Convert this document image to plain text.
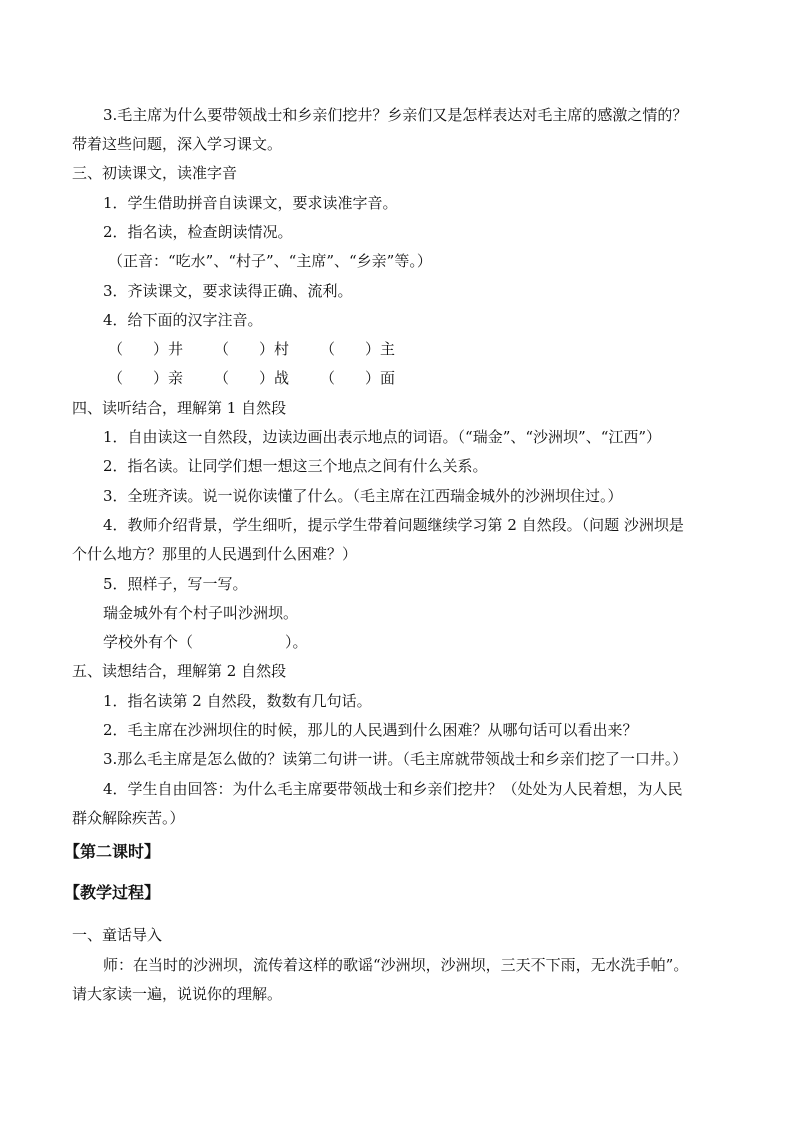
3.毛主席为什么要带领战士和乡亲们挖井？乡亲们又是怎样表达对毛主席的感激之情的？
带着这些问题，深入学习课文。
三、初读课文，读准字音
1．学生借助拼音自读课文，要求读准字音。
2．指名读，检查朗读情况。
（正音：“吃水”、“村子”、“主席”、“乡亲”等。）
3．齐读课文，要求读得正确、流利。
4．给下面的汉字注音。
（　　）井 （　　）村 （　　）主
（　　）亲 （　　）战 （　　）面
四、读听结合，理解第 1 自然段
1．自由读这一自然段，边读边画出表示地点的词语。（“瑞金”、“沙洲坝”、“江西”）
2．指名读。让同学们想一想这三个地点之间有什么关系。
3．全班齐读。说一说你读懂了什么。（毛主席在江西瑞金城外的沙洲坝住过。）
4．教师介绍背景，学生细听，提示学生带着问题继续学习第 2 自然段。（问题 沙洲坝是
个什么地方？那里的人民遇到什么困难？）
5．照样子，写一写。
瑞金城外有个村子叫沙洲坝。
学校外有个（	）。
五、读想结合，理解第 2 自然段
1．指名读第 2 自然段，数数有几句话。
2．毛主席在沙洲坝住的时候，那儿的人民遇到什么困难？从哪句话可以看出来？
3.那么毛主席是怎么做的？读第二句讲一讲。（毛主席就带领战士和乡亲们挖了一口井。）
4．学生自由回答：为什么毛主席要带领战士和乡亲们挖井？（处处为人民着想，为人民
群众解除疾苦。）
【第二课时】
【教学过程】
一、童话导入
师：在当时的沙洲坝，流传着这样的歌谣“沙洲坝，沙洲坝，三天不下雨，无水洗手帕”。
请大家读一遍，说说你的理解。
